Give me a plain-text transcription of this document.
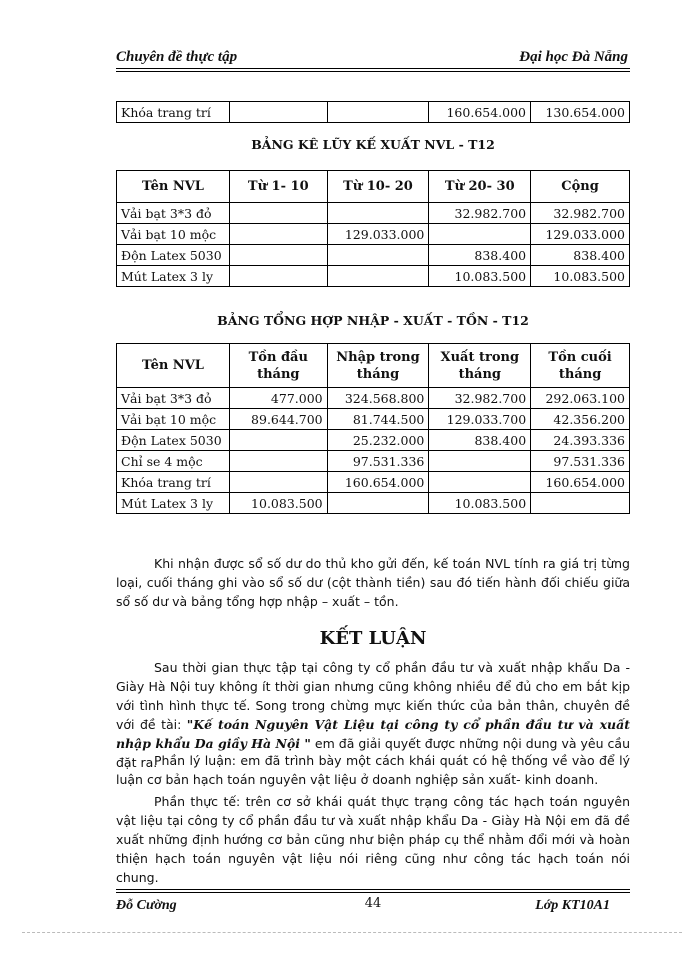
Chuyên đề thực tập	Đại học Đà Nẵng
Khóa trang trí			160.654.000	130.654.000
BẢNG KÊ LŨY KẾ XUẤT NVL - T12
Tên NVL	Từ 1- 10	Từ 10- 20	Từ 20- 30	Cộng
Vải bạt 3*3 đỏ			32.982.700	32.982.700
Vải bạt 10 mộc		129.033.000		129.033.000
Độn Latex 5030			838.400	838.400
Mút Latex 3 ly			10.083.500	10.083.500
BẢNG TỔNG HỢP NHẬP - XUẤT - TỒN - T12
Tên NVL	Tồn đầu tháng	Nhập trong tháng	Xuất trong tháng	Tồn cuối tháng
Vải bạt 3*3 đỏ	477.000	324.568.800	32.982.700	292.063.100
Vải bạt 10 mộc	89.644.700	81.744.500	129.033.700	42.356.200
Độn Latex 5030		25.232.000	838.400	24.393.336
Chỉ se 4 mộc		97.531.336		97.531.336
Khóa trang trí		160.654.000		160.654.000
Mút Latex 3 ly	10.083.500		10.083.500	
Khi nhận được sổ số dư do thủ kho gửi đến, kế toán NVL tính ra giá trị từng loại, cuối tháng ghi vào sổ số dư (cột thành tiền) sau đó tiến hành đối chiếu giữa sổ số dư và bảng tổng hợp nhập – xuất – tồn.
KẾT LUẬN
Sau thời gian thực tập tại công ty cổ phần đầu tư và xuất nhập khẩu Da - Giày Hà Nội tuy không ít thời gian nhưng cũng không nhiều để đủ cho em bắt kịp với tình hình thực tế. Song trong chừng mực kiến thức của bản thân, chuyên đề với đề tài: "Kế toán Nguyên Vật Liệu tại công ty cổ phần đầu tư và xuất nhập khẩu Da giầy Hà Nội " em đã giải quyết được những nội dung và yêu cầu đặt ra.
Phần lý luận: em đã trình bày một cách khái quát có hệ thống về vào để lý luận cơ bản hạch toán nguyên vật liệu ở doanh nghiệp sản xuất- kinh doanh.
Phần thực tế: trên cơ sở khái quát thực trạng công tác hạch toán nguyên vật liệu tại công ty cổ phần đầu tư và xuất nhập khẩu Da - Giày Hà Nội em đã đề xuất những định hướng cơ bản cũng như biện pháp cụ thể nhằm đổi mới và hoàn thiện hạch toán nguyên vật liệu nói riêng cũng như công tác hạch toán nói chung.
Đỗ Cường	44	Lớp KT10A1
